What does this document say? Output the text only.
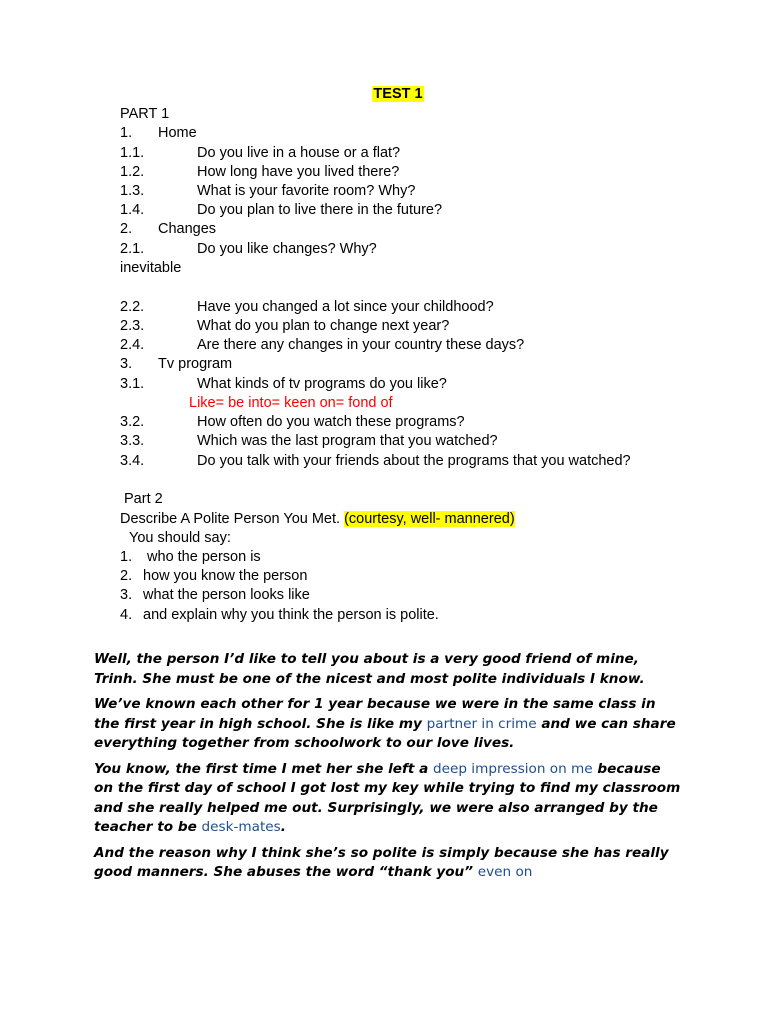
TEST 1
PART 1
1. Home
1.1.	Do you live in a house or a flat?
1.2.	How long have you lived there?
1.3.	What is your favorite room? Why?
1.4.	Do you plan to live there in the future?
2. Changes
2.1.	Do you like changes? Why?
inevitable
2.2.	Have you changed a lot since your childhood?
2.3.	What do you plan to change next year?
2.4.	Are there any changes in your country these days?
3. Tv program
3.1.	What kinds of tv programs do you like?
Like= be into= keen on= fond of
3.2.	How often do you watch these programs?
3.3.	Which was the last program that you watched?
3.4.	Do you talk with your friends about the programs that you watched?
Part 2
Describe A Polite Person You Met. (courtesy, well- mannered)
You should say:
1. who the person is
2. how you know the person
3. what the person looks like
4. and explain why you think the person is polite.

Well, the person I’d like to tell you about is a very good friend of mine, Trinh. She must be one of the nicest and most polite individuals I know.

We’ve known each other for 1 year because we were in the same class in the first year in high school. She is like my partner in crime and we can share everything together from schoolwork to our love lives.

You know, the first time I met her she left a deep impression on me because on the first day of school I got lost my key while trying to find my classroom and she really helped me out. Surprisingly, we were also arranged by the teacher to be desk-mates.

And the reason why I think she’s so polite is simply because she has really good manners. She abuses the word “thank you” even on
